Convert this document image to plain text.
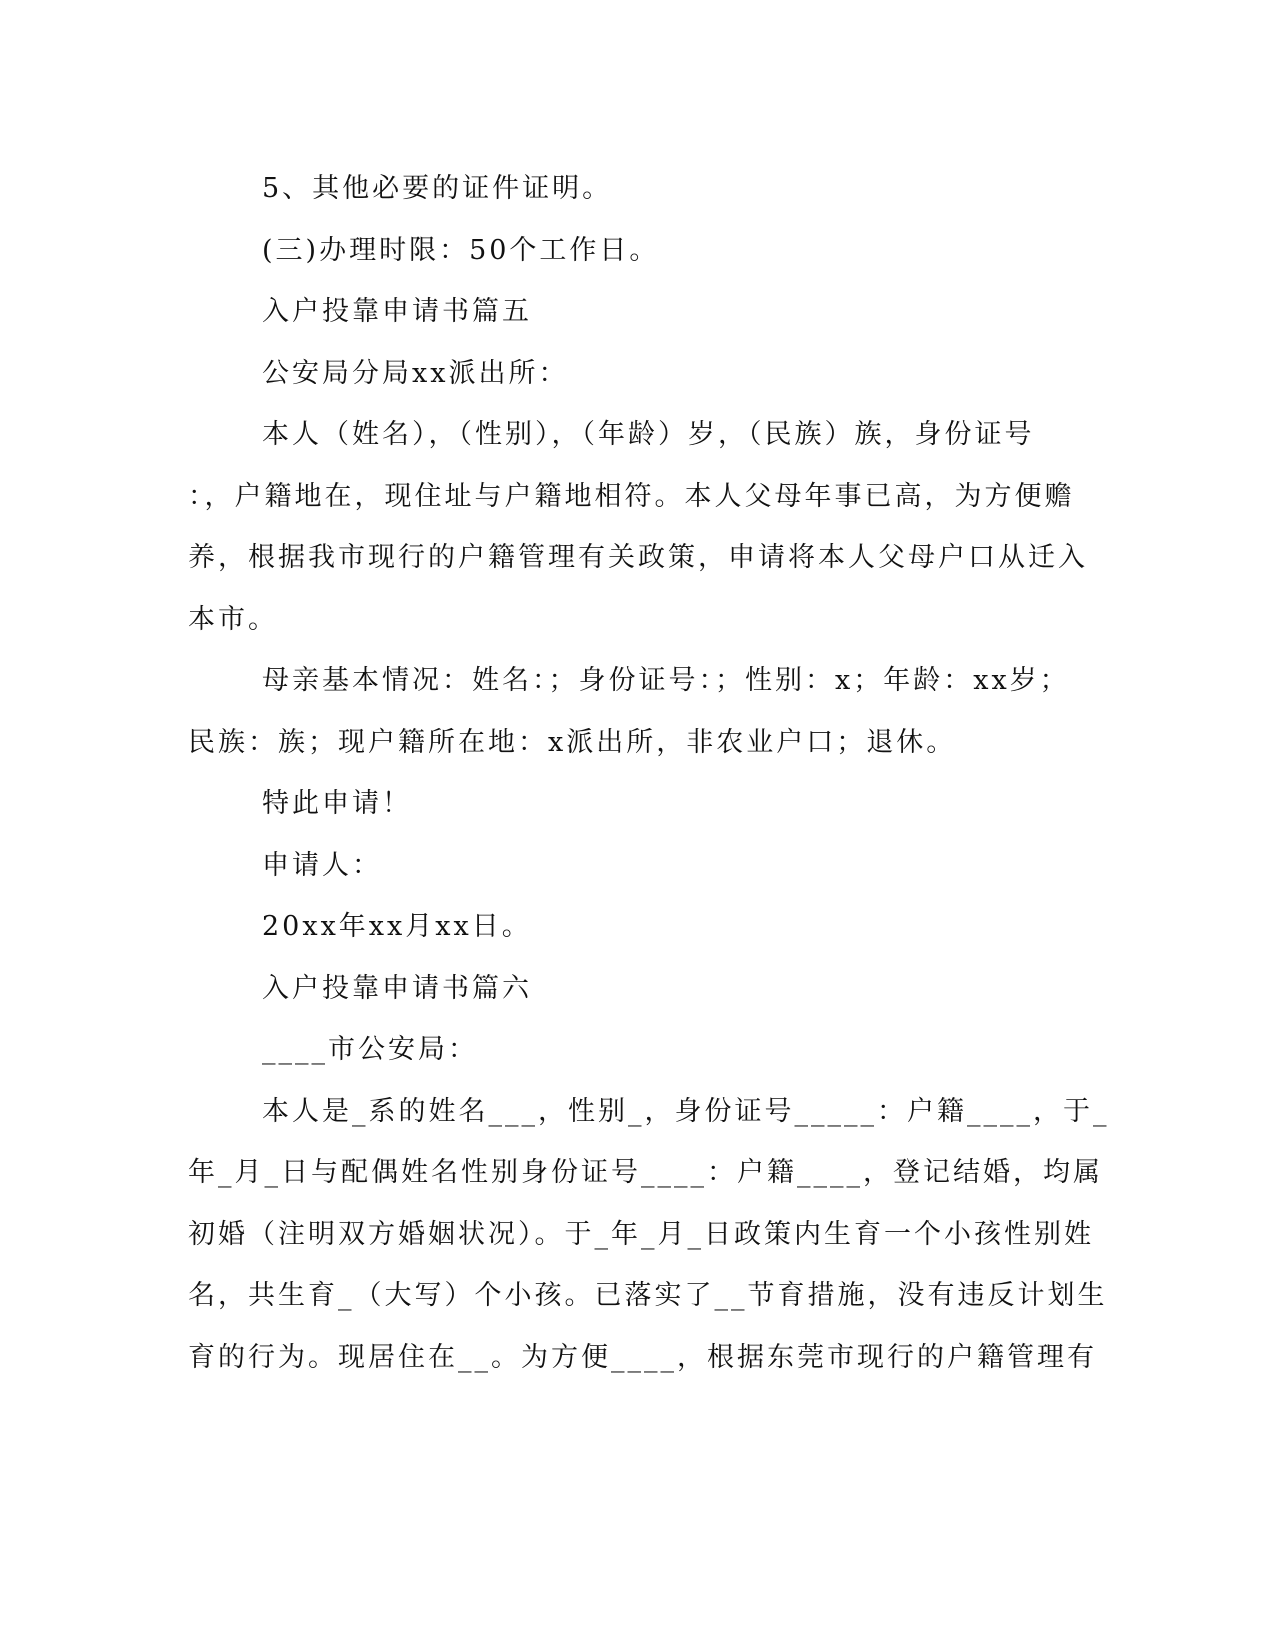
5、其他必要的证件证明。
(三)办理时限：50个工作日。
入户投靠申请书篇五
公安局分局xx派出所：
本人（姓名），（性别），（年龄）岁，（民族）族，身份证号
：，户籍地在，现住址与户籍地相符。本人父母年事已高，为方便赡
养，根据我市现行的户籍管理有关政策，申请将本人父母户口从迁入
本市。
母亲基本情况：姓名：；身份证号：；性别：x；年龄：xx岁；
民族：族；现户籍所在地：x派出所，非农业户口；退休。
特此申请！
申请人：
20xx年xx月xx日。
入户投靠申请书篇六
____市公安局：
本人是_系的姓名___，性别_，身份证号_____：户籍____，于_
年_月_日与配偶姓名性别身份证号____：户籍____，登记结婚，均属
初婚（注明双方婚姻状况）。于_年_月_日政策内生育一个小孩性别姓
名，共生育_（大写）个小孩。已落实了__节育措施，没有违反计划生
育的行为。现居住在__。为方便____，根据东莞市现行的户籍管理有
